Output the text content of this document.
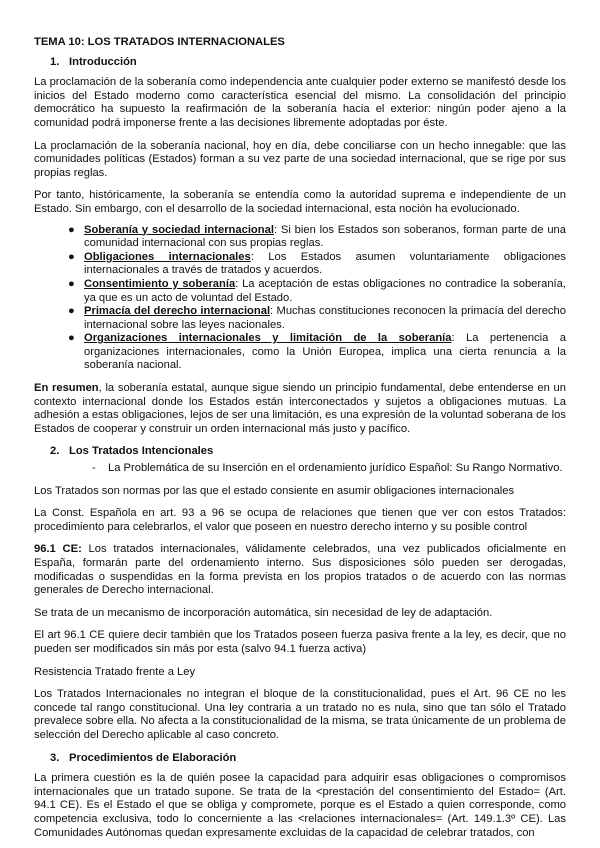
TEMA 10: LOS TRATADOS INTERNACIONALES
1. Introducción

La proclamación de la soberanía como independencia ante cualquier poder externo se manifestó desde los inicios del Estado moderno como característica esencial del mismo. La consolidación del principio democrático ha supuesto la reafirmación de la soberanía hacia el exterior: ningún poder ajeno a la comunidad podrá imponerse frente a las decisiones libremente adoptadas por éste.

La proclamación de la soberanía nacional, hoy en día, debe conciliarse con un hecho innegable: que las comunidades políticas (Estados) forman a su vez parte de una sociedad internacional, que se rige por sus propias reglas.

Por tanto, históricamente, la soberanía se entendía como la autoridad suprema e independiente de un Estado. Sin embargo, con el desarrollo de la sociedad internacional, esta noción ha evolucionado.

● Soberanía y sociedad internacional: Si bien los Estados son soberanos, forman parte de una comunidad internacional con sus propias reglas.
● Obligaciones internacionales: Los Estados asumen voluntariamente obligaciones internacionales a través de tratados y acuerdos.
● Consentimiento y soberanía: La aceptación de estas obligaciones no contradice la soberanía, ya que es un acto de voluntad del Estado.
● Primacía del derecho internacional: Muchas constituciones reconocen la primacía del derecho internacional sobre las leyes nacionales.
● Organizaciones internacionales y limitación de la soberanía: La pertenencia a organizaciones internacionales, como la Unión Europea, implica una cierta renuncia a la soberanía nacional.

En resumen, la soberanía estatal, aunque sigue siendo un principio fundamental, debe entenderse en un contexto internacional donde los Estados están interconectados y sujetos a obligaciones mutuas. La adhesión a estas obligaciones, lejos de ser una limitación, es una expresión de la voluntad soberana de los Estados de cooperar y construir un orden internacional más justo y pacífico.

2. Los Tratados Intencionales
- La Problemática de su Inserción en el ordenamiento jurídico Español: Su Rango Normativo.

Los Tratados son normas por las que el estado consiente en asumir obligaciones internacionales

La Const. Española en art. 93 a 96 se ocupa de relaciones que tienen que ver con estos Tratados: procedimiento para celebrarlos, el valor que poseen en nuestro derecho interno y su posible control

96.1 CE: Los tratados internacionales, válidamente celebrados, una vez publicados oficialmente en España, formarán parte del ordenamiento interno. Sus disposiciones sólo pueden ser derogadas, modificadas o suspendidas en la forma prevista en los propios tratados o de acuerdo con las normas generales de Derecho internacional.

Se trata de un mecanismo de incorporación automática, sin necesidad de ley de adaptación.

El art 96.1 CE quiere decir también que los Tratados poseen fuerza pasiva frente a la ley, es decir, que no pueden ser modificados sin más por esta (salvo 94.1 fuerza activa)

Resistencia Tratado frente a Ley

Los Tratados Internacionales no integran el bloque de la constitucionalidad, pues el Art. 96 CE no les concede tal rango constitucional. Una ley contraria a un tratado no es nula, sino que tan sólo el Tratado prevalece sobre ella. No afecta a la constitucionalidad de la misma, se trata únicamente de un problema de selección del Derecho aplicable al caso concreto.

3. Procedimientos de Elaboración

La primera cuestión es la de quién posee la capacidad para adquirir esas obligaciones o compromisos internacionales que un tratado supone. Se trata de la <prestación del consentimiento del Estado= (Art. 94.1 CE). Es el Estado el que se obliga y compromete, porque es el Estado a quien corresponde, como competencia exclusiva, todo lo concerniente a las <relaciones internacionales= (Art. 149.1.3º CE). Las Comunidades Autónomas quedan expresamente excluidas de la capacidad de celebrar tratados, con
